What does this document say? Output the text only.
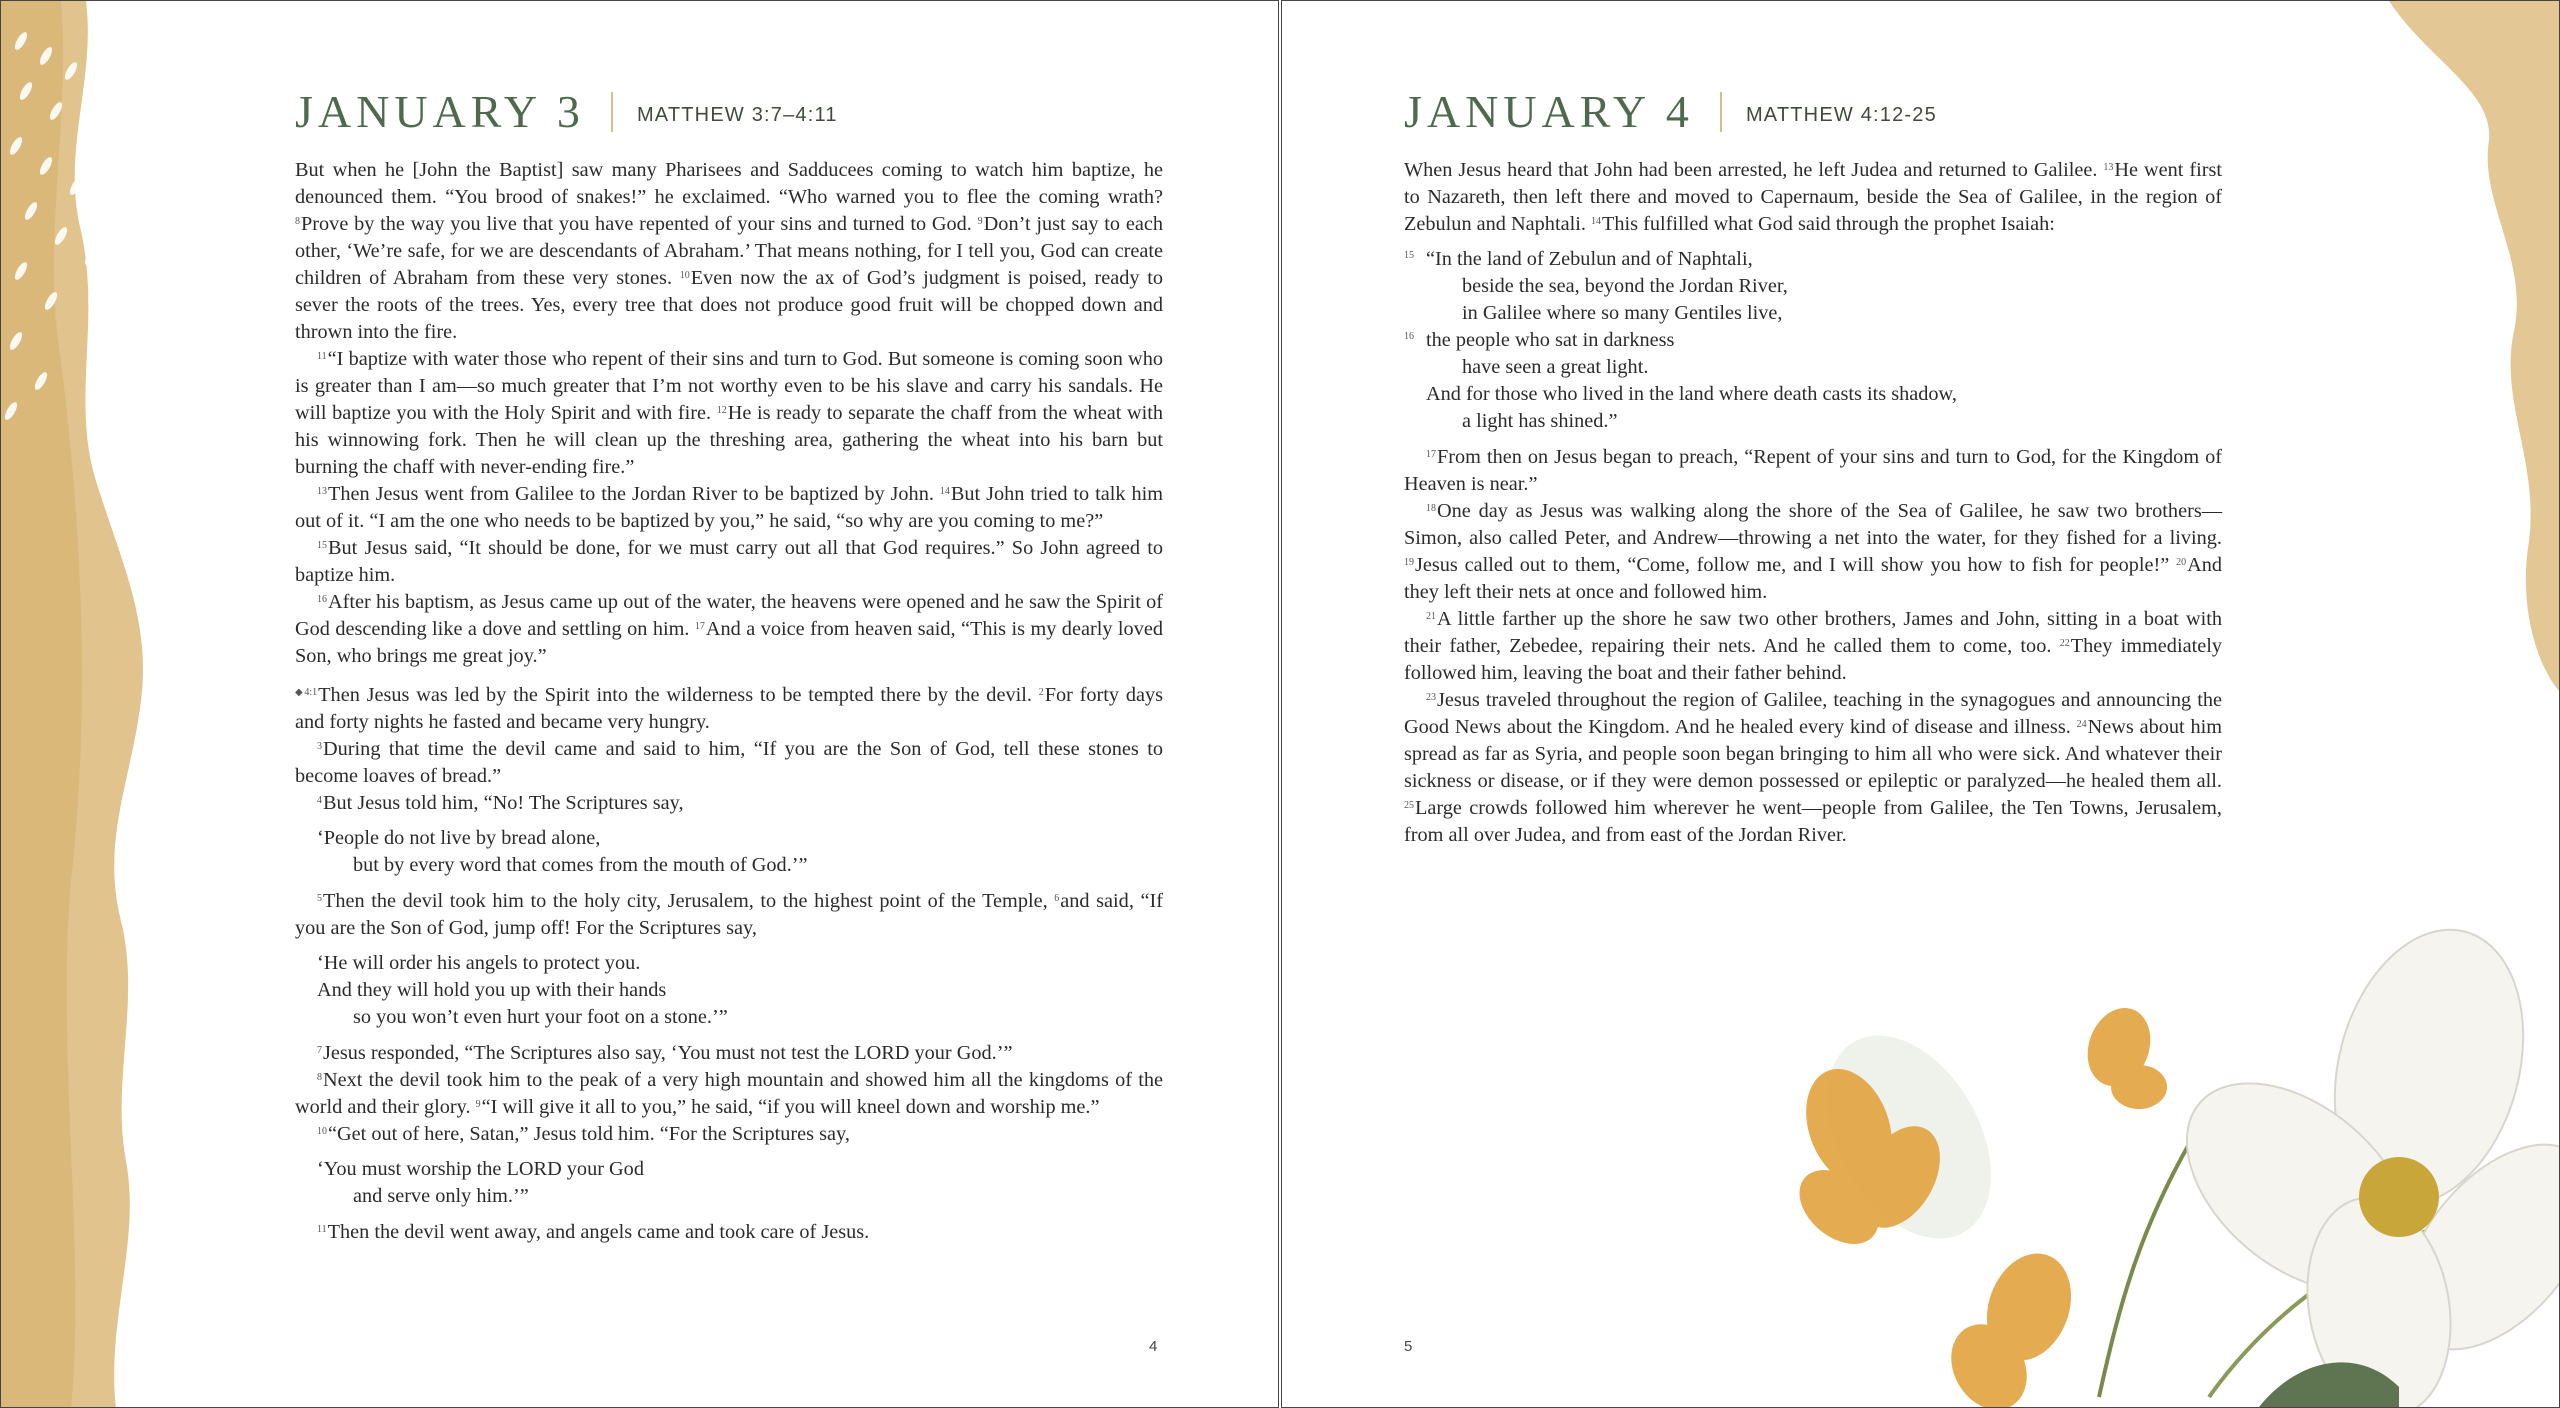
JANUARY 3	MATTHEW 3:7–4:11

But when he [John the Baptist] saw many Pharisees and Sadducees coming to watch him baptize, he denounced them. “You brood of snakes!” he exclaimed. “Who warned you to flee the coming wrath? $^8$Prove by the way you live that you have repented of your sins and turned to God. $^9$Don’t just say to each other, ‘We’re safe, for we are descendants of Abraham.’ That means nothing, for I tell you, God can create children of Abraham from these very stones. $^{10}$Even now the ax of God’s judgment is poised, ready to sever the roots of the trees. Yes, every tree that does not produce good fruit will be chopped down and thrown into the fire.

$^{11}$“I baptize with water those who repent of their sins and turn to God. But someone is coming soon who is greater than I am—so much greater that I’m not worthy even to be his slave and carry his sandals. He will baptize you with the Holy Spirit and with fire. $^{12}$He is ready to separate the chaff from the wheat with his winnowing fork. Then he will clean up the threshing area, gathering the wheat into his barn but burning the chaff with never-ending fire.”

$^{13}$Then Jesus went from Galilee to the Jordan River to be baptized by John. $^{14}$But John tried to talk him out of it. “I am the one who needs to be baptized by you,” he said, “so why are you coming to me?”

$^{15}$But Jesus said, “It should be done, for we must carry out all that God requires.” So John agreed to baptize him.

$^{16}$After his baptism, as Jesus came up out of the water, the heavens were opened and he saw the Spirit of God descending like a dove and settling on him. $^{17}$And a voice from heaven said, “This is my dearly loved Son, who brings me great joy.”

$^{◆4:1}$Then Jesus was led by the Spirit into the wilderness to be tempted there by the devil. $^2$For forty days and forty nights he fasted and became very hungry.

$^3$During that time the devil came and said to him, “If you are the Son of God, tell these stones to become loaves of bread.”

$^4$But Jesus told him, “No! The Scriptures say,

‘People do not live by bread alone,
but by every word that comes from the mouth of God.’”

$^5$Then the devil took him to the holy city, Jerusalem, to the highest point of the Temple, $^6$and said, “If you are the Son of God, jump off! For the Scriptures say,

‘He will order his angels to protect you.
And they will hold you up with their hands
so you won’t even hurt your foot on a stone.’”

$^7$Jesus responded, “The Scriptures also say, ‘You must not test the LORD your God.’”

$^8$Next the devil took him to the peak of a very high mountain and showed him all the kingdoms of the world and their glory. $^9$“I will give it all to you,” he said, “if you will kneel down and worship me.”

$^{10}$“Get out of here, Satan,” Jesus told him. “For the Scriptures say,

‘You must worship the LORD your God
and serve only him.’”

$^{11}$Then the devil went away, and angels came and took care of Jesus.

4
JANUARY 4	MATTHEW 4:12-25

When Jesus heard that John had been arrested, he left Judea and returned to Galilee. $^{13}$He went first to Nazareth, then left there and moved to Capernaum, beside the Sea of Galilee, in the region of Zebulun and Naphtali. $^{14}$This fulfilled what God said through the prophet Isaiah:

15 “In the land of Zebulun and of Naphtali,
beside the sea, beyond the Jordan River,
in Galilee where so many Gentiles live,
16 the people who sat in darkness
have seen a great light.
And for those who lived in the land where death casts its shadow,
a light has shined.”

$^{17}$From then on Jesus began to preach, “Repent of your sins and turn to God, for the Kingdom of Heaven is near.”

$^{18}$One day as Jesus was walking along the shore of the Sea of Galilee, he saw two brothers—Simon, also called Peter, and Andrew—throwing a net into the water, for they fished for a living. $^{19}$Jesus called out to them, “Come, follow me, and I will show you how to fish for people!” $^{20}$And they left their nets at once and followed him.

$^{21}$A little farther up the shore he saw two other brothers, James and John, sitting in a boat with their father, Zebedee, repairing their nets. And he called them to come, too. $^{22}$They immediately followed him, leaving the boat and their father behind.

$^{23}$Jesus traveled throughout the region of Galilee, teaching in the synagogues and announcing the Good News about the Kingdom. And he healed every kind of disease and illness. $^{24}$News about him spread as far as Syria, and people soon began bringing to him all who were sick. And whatever their sickness or disease, or if they were demon possessed or epileptic or paralyzed—he healed them all. $^{25}$Large crowds followed him wherever he went—people from Galilee, the Ten Towns, Jerusalem, from all over Judea, and from east of the Jordan River.

5
